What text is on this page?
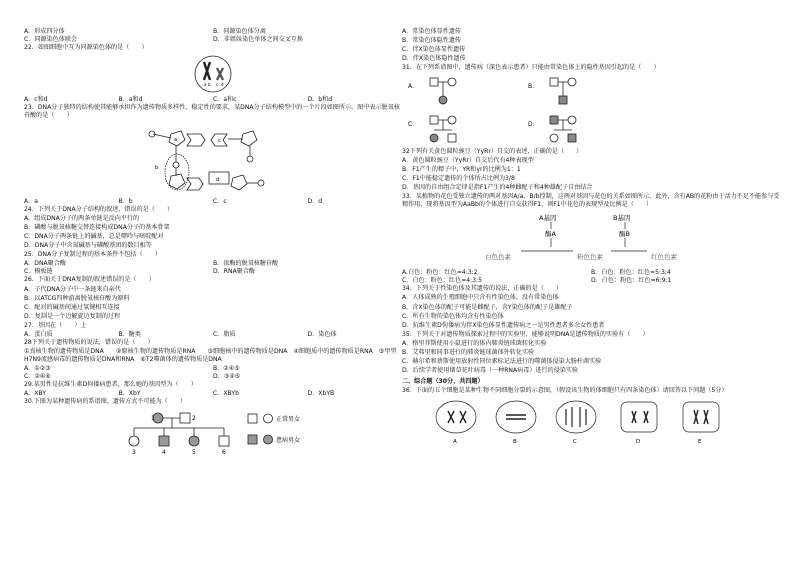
A．形成四分体	B．同源染色体分离
C．同源染色体联会	D．非姐妹染色单体之间交叉互换
22．如图细胞中互为同源染色体的是（　　）
a b c d
A．c和d	B．a和d	C．a和c	D．b和d
23．DNA分子独特的结构使其能够承担作为遗传物质多样性、稳定性的要求，某DNA分子结构模型中的一个片段如图所示。图中表示脱氧核苷酸的是（　　）
a
b
c
d
A．a	B．b	C．c	D．d
24．下列关于DNA分子结构的叙述，错误的是（　　）
A．组成DNA分子的两条单链是反向平行的
B．磷酸与脱氧核糖交替连接构成DNA分子的基本骨架
C．DNA分子两条链上的碱基，总是嘌呤与嘧啶配对
D．DNA分子中含氮碱基与磷酸基团的数目相等
25．DNA分子复制过程的基本条件不包括（　　）
A．DNA聚合酶	B．浓酶的脱氧核糖苷酸
C．模板链	D．RNA聚合酶
26．下面关于DNA复制的叙述错误的是（　　）
A．子代DNA分子中一条链来自亲代
B．以ATCG四种游离脱氧核苷酸为原料
C．配对的碱基间通过氢键相互连接
D．复制是一个边解旋边复制的过程
27．基因在（　　）上
A．蛋白质	B．糖类	C．脂质	D．染色体
28下列关于遗传物质的说法，错误的是（　　）
①真核生物的遗传物质是DNA　　②原核生物的遗传物质是RNA　　③细胞核中的遗传物质是DNA　④细胞质中的遗传物质是RNA　⑤甲型H7N9流感病毒的遗传物质是DNA和RNA　⑥T2噬菌体的遗传物质是DNA
A．①②③	B．②④⑤
C．②④⑥	D．③④⑤
29.某男性是抗维生素D佝偻病患者，那么她的基因型为（　　）
A．XBY	B．XbY	C．XBYb	D．XbYB
30.下图为某种遗传病的系谱图，遗传方式不可能为（　　）
1	2
3	4	5	6
正常男女
患病男女
A．常染色体显性遗传
B．常染色体隐性遗传
C．伴X染色体显性遗传
D．伴X染色体隐性遗传
31．在下列系谱图中，遗传病（深色表示患者）只能由常染色体上的隐性基因引起的是（　　）
A．	B．
C．	D．
32下列有关黄色圆粒豌豆（YyRr）自交的表述，正确的是（　　）
A．黄色圆粒豌豆（YyRr）自交后代有4种表现型
B．F1产生的精子中，YR和yr的比例为1：1
C．F1中能稳定遗传的个体所占比例为3/8
D．基因的自由组合定律是指F1产生的4种雌配子和4种雄配子自由结合
33．某植物的花色受独立遗传的两对基因A/a，B/b控制，这两对基因与花色的关系如图所示，此外，含有AB的花粉由于活力不足不能参与受精作用，现将基因型为AaBb的个体进行自交获得F1，则F1中花色的表现型及比例是（　　）
A基因	B基因
酶A	酶B
白色色素	粉色色素	红色色素
A.白色：粉色：红色=4:3:2	B．白色：粉色：红色=5:3:4
C．白色：粉色：红色=4:3:5	D．白色：粉色：红色=6:9:1
34．下列关于性染色体及其遗传的说法，正确的是（　　）
A．人体成熟的生殖细胞中只含有性染色体，没有常染色体
B．含X染色体的配子可能是雌配子，含Y染色体的配子是雄配子
C．所有生物的染色体均含有性染色体
D．抗维生素D佝偻病为伴X染色体显性遗传病之一是男性患者多余女性患者
35．下列关于对遗传物质探索过程中的实验里，能够说明DNA是遗传物质的实验有（　　）
A．格里菲斯使用小鼠进行的体内肺炎链球菌转化实验
B．艾弗里和同事进行的肺炎链球菌体外转化实验
C．赫尔希和蔡斯使用放射性同位素标记法进行的噬菌体侵染大肠杆菌实验
D．后续学者使用烟草花叶病毒（一种RNA病毒）进行的侵染实验
二、综合题（30分，共四题）
36．下面的五个细胞是某种生物不同细胞分裂的示意图，（假设该生物的体细胞只有四条染色体）请回答以下问题（5分）
A	B	C	D	E
